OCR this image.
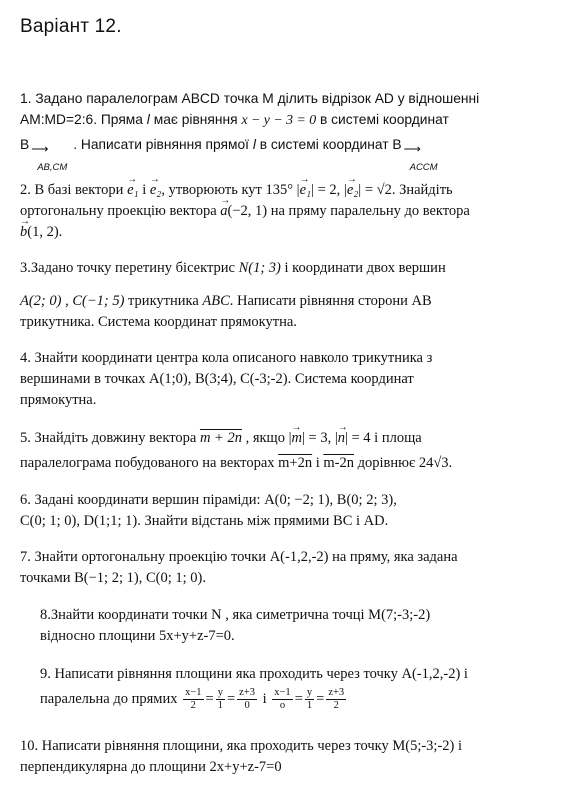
Варіант 12.
1. Задано паралелограм ABCD точка M ділить відрізок AD у відношенні
AM:MD=2:6. Пряма l має рівняння x − y − 3 = 0 в системі координат
B ⟶
AB,CM
. Написати рівняння прямої l в системі координат B ⟶
ACCM
2. В базі вектори → e₁ і → e₂, утворюють кут 135° |→ e₁| = 2, |→ e₂| = √2. Знайдіть
ортогональну проекцію вектора → a(−2, 1) на пряму паралельну до вектора
→ b(1, 2).
3.Задано точку перетину бісектрис N(1; 3) і координати двох вершин
A(2; 0) , C(−1; 5) трикутника ABC. Написати рівняння сторони AB
трикутника. Система координат прямокутна.
4. Знайти координати центра кола описаного навколо трикутника з
вершинами в точках A(1;0), B(3;4), C(-3;-2). Система координат
прямокутна.
5. Знайдіть довжину вектора m + 2n , якщо |→ m| = 3, |→ n| = 4 і площа
паралелограма побудованого на векторах m+2n і m-2n дорівнює 24√3.
6. Задані координати вершин піраміди: A(0; −2; 1), B(0; 2; 3),
C(0; 1; 0), D(1;1; 1). Знайти відстань між прямими BC і AD.
7. Знайти ортогональну проекцію точки A(-1,2,-2) на пряму, яка задана
точками B(−1; 2; 1), C(0; 1; 0).
8.Знайти координати точки N , яка симетрична точці M(7;-3;-2)
відносно площини 5x+y+z-7=0.
9. Написати рівняння площини яка проходить через точку A(-1,2,-2) і
паралельна до прямих $\frac{x-1}{2} = \frac{y}{1} = \frac{z+3}{0}$ і $\frac{x-1}{o} = \frac{y}{1} = \frac{z+3}{2}$
10. Написати рівняння площини, яка проходить через точку M(5;-3;-2) і
перпендикулярна до площини 2x+y+z-7=0
